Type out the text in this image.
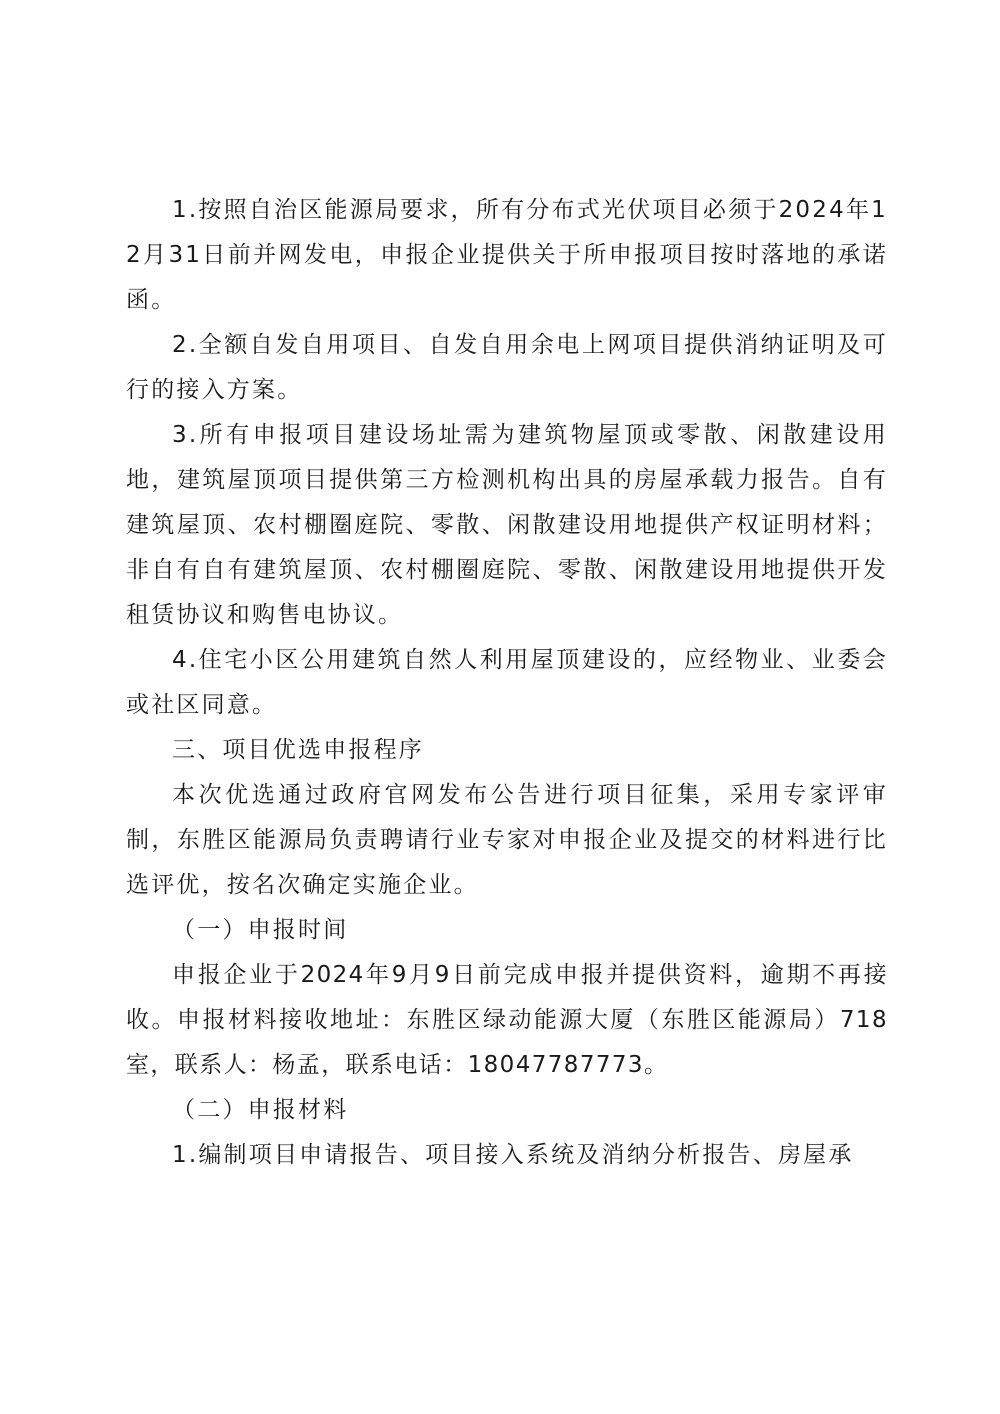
1.按照自治区能源局要求，所有分布式光伏项目必须于2024年12月31日前并网发电，申报企业提供关于所申报项目按时落地的承诺函。

2.全额自发自用项目、自发自用余电上网项目提供消纳证明及可行的接入方案。

3.所有申报项目建设场址需为建筑物屋顶或零散、闲散建设用地，建筑屋顶项目提供第三方检测机构出具的房屋承载力报告。自有建筑屋顶、农村棚圈庭院、零散、闲散建设用地提供产权证明材料；非自有自有建筑屋顶、农村棚圈庭院、零散、闲散建设用地提供开发租赁协议和购售电协议。

4.住宅小区公用建筑自然人利用屋顶建设的，应经物业、业委会或社区同意。

三、项目优选申报程序

本次优选通过政府官网发布公告进行项目征集，采用专家评审制，东胜区能源局负责聘请行业专家对申报企业及提交的材料进行比选评优，按名次确定实施企业。

（一）申报时间

申报企业于2024年9月9日前完成申报并提供资料，逾期不再接收。申报材料接收地址：东胜区绿动能源大厦（东胜区能源局）718室，联系人：杨孟，联系电话：18047787773。

（二）申报材料

1.编制项目申请报告、项目接入系统及消纳分析报告、房屋承
